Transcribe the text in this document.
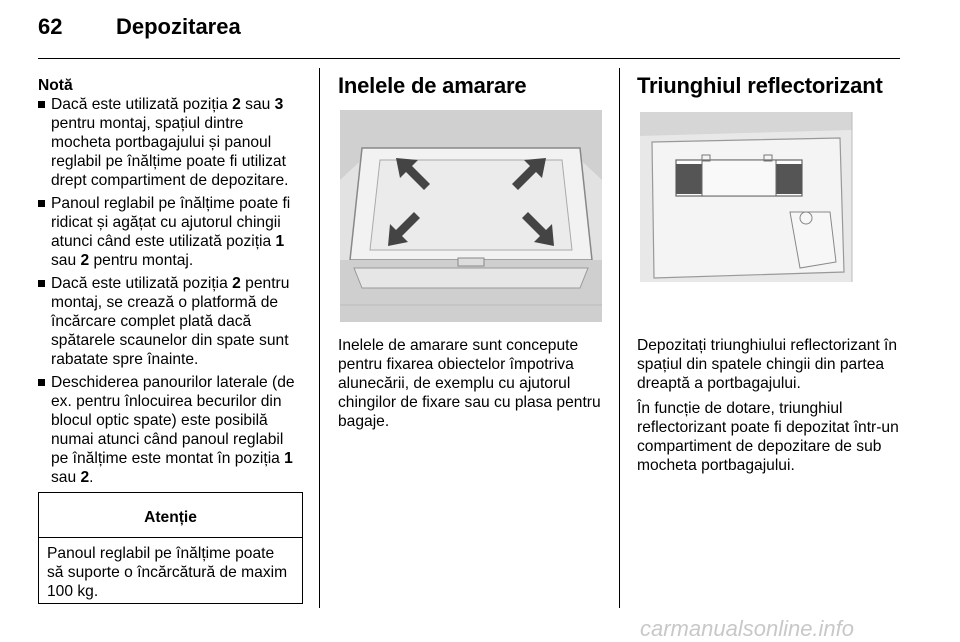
62 Depozitarea
Notă
Dacă este utilizată poziția 2 sau 3 pentru montaj, spațiul dintre mocheta portbagajului și panoul reglabil pe înălțime poate fi utilizat drept compartiment de depozitare.
Panoul reglabil pe înălțime poate fi ridicat și agățat cu ajutorul chingii atunci când este utilizată poziția 1 sau 2 pentru montaj.
Dacă este utilizată poziția 2 pentru montaj, se crează o platformă de încărcare complet plată dacă spătarele scaunelor din spate sunt rabatate spre înainte.
Deschiderea panourilor laterale (de ex. pentru înlocuirea becurilor din blocul optic spate) este posibilă numai atunci când panoul reglabil pe înălțime este montat în poziția 1 sau 2.
Atenție
Panoul reglabil pe înălțime poate să suporte o încărcătură de maxim 100 kg.
Inelele de amarare

Inelele de amarare sunt concepute pentru fixarea obiectelor împotriva alunecării, de exemplu cu ajutorul chingilor de fixare sau cu plasa pentru bagaje.

Triunghiul reflectorizant

Depozitați triunghiului reflectorizant în spațiul din spatele chingii din partea dreaptă a portbagajului.

În funcție de dotare, triunghiul reflectorizant poate fi depozitat într-un compartiment de depozitare de sub mocheta portbagajului.

carmanualsonline.info
